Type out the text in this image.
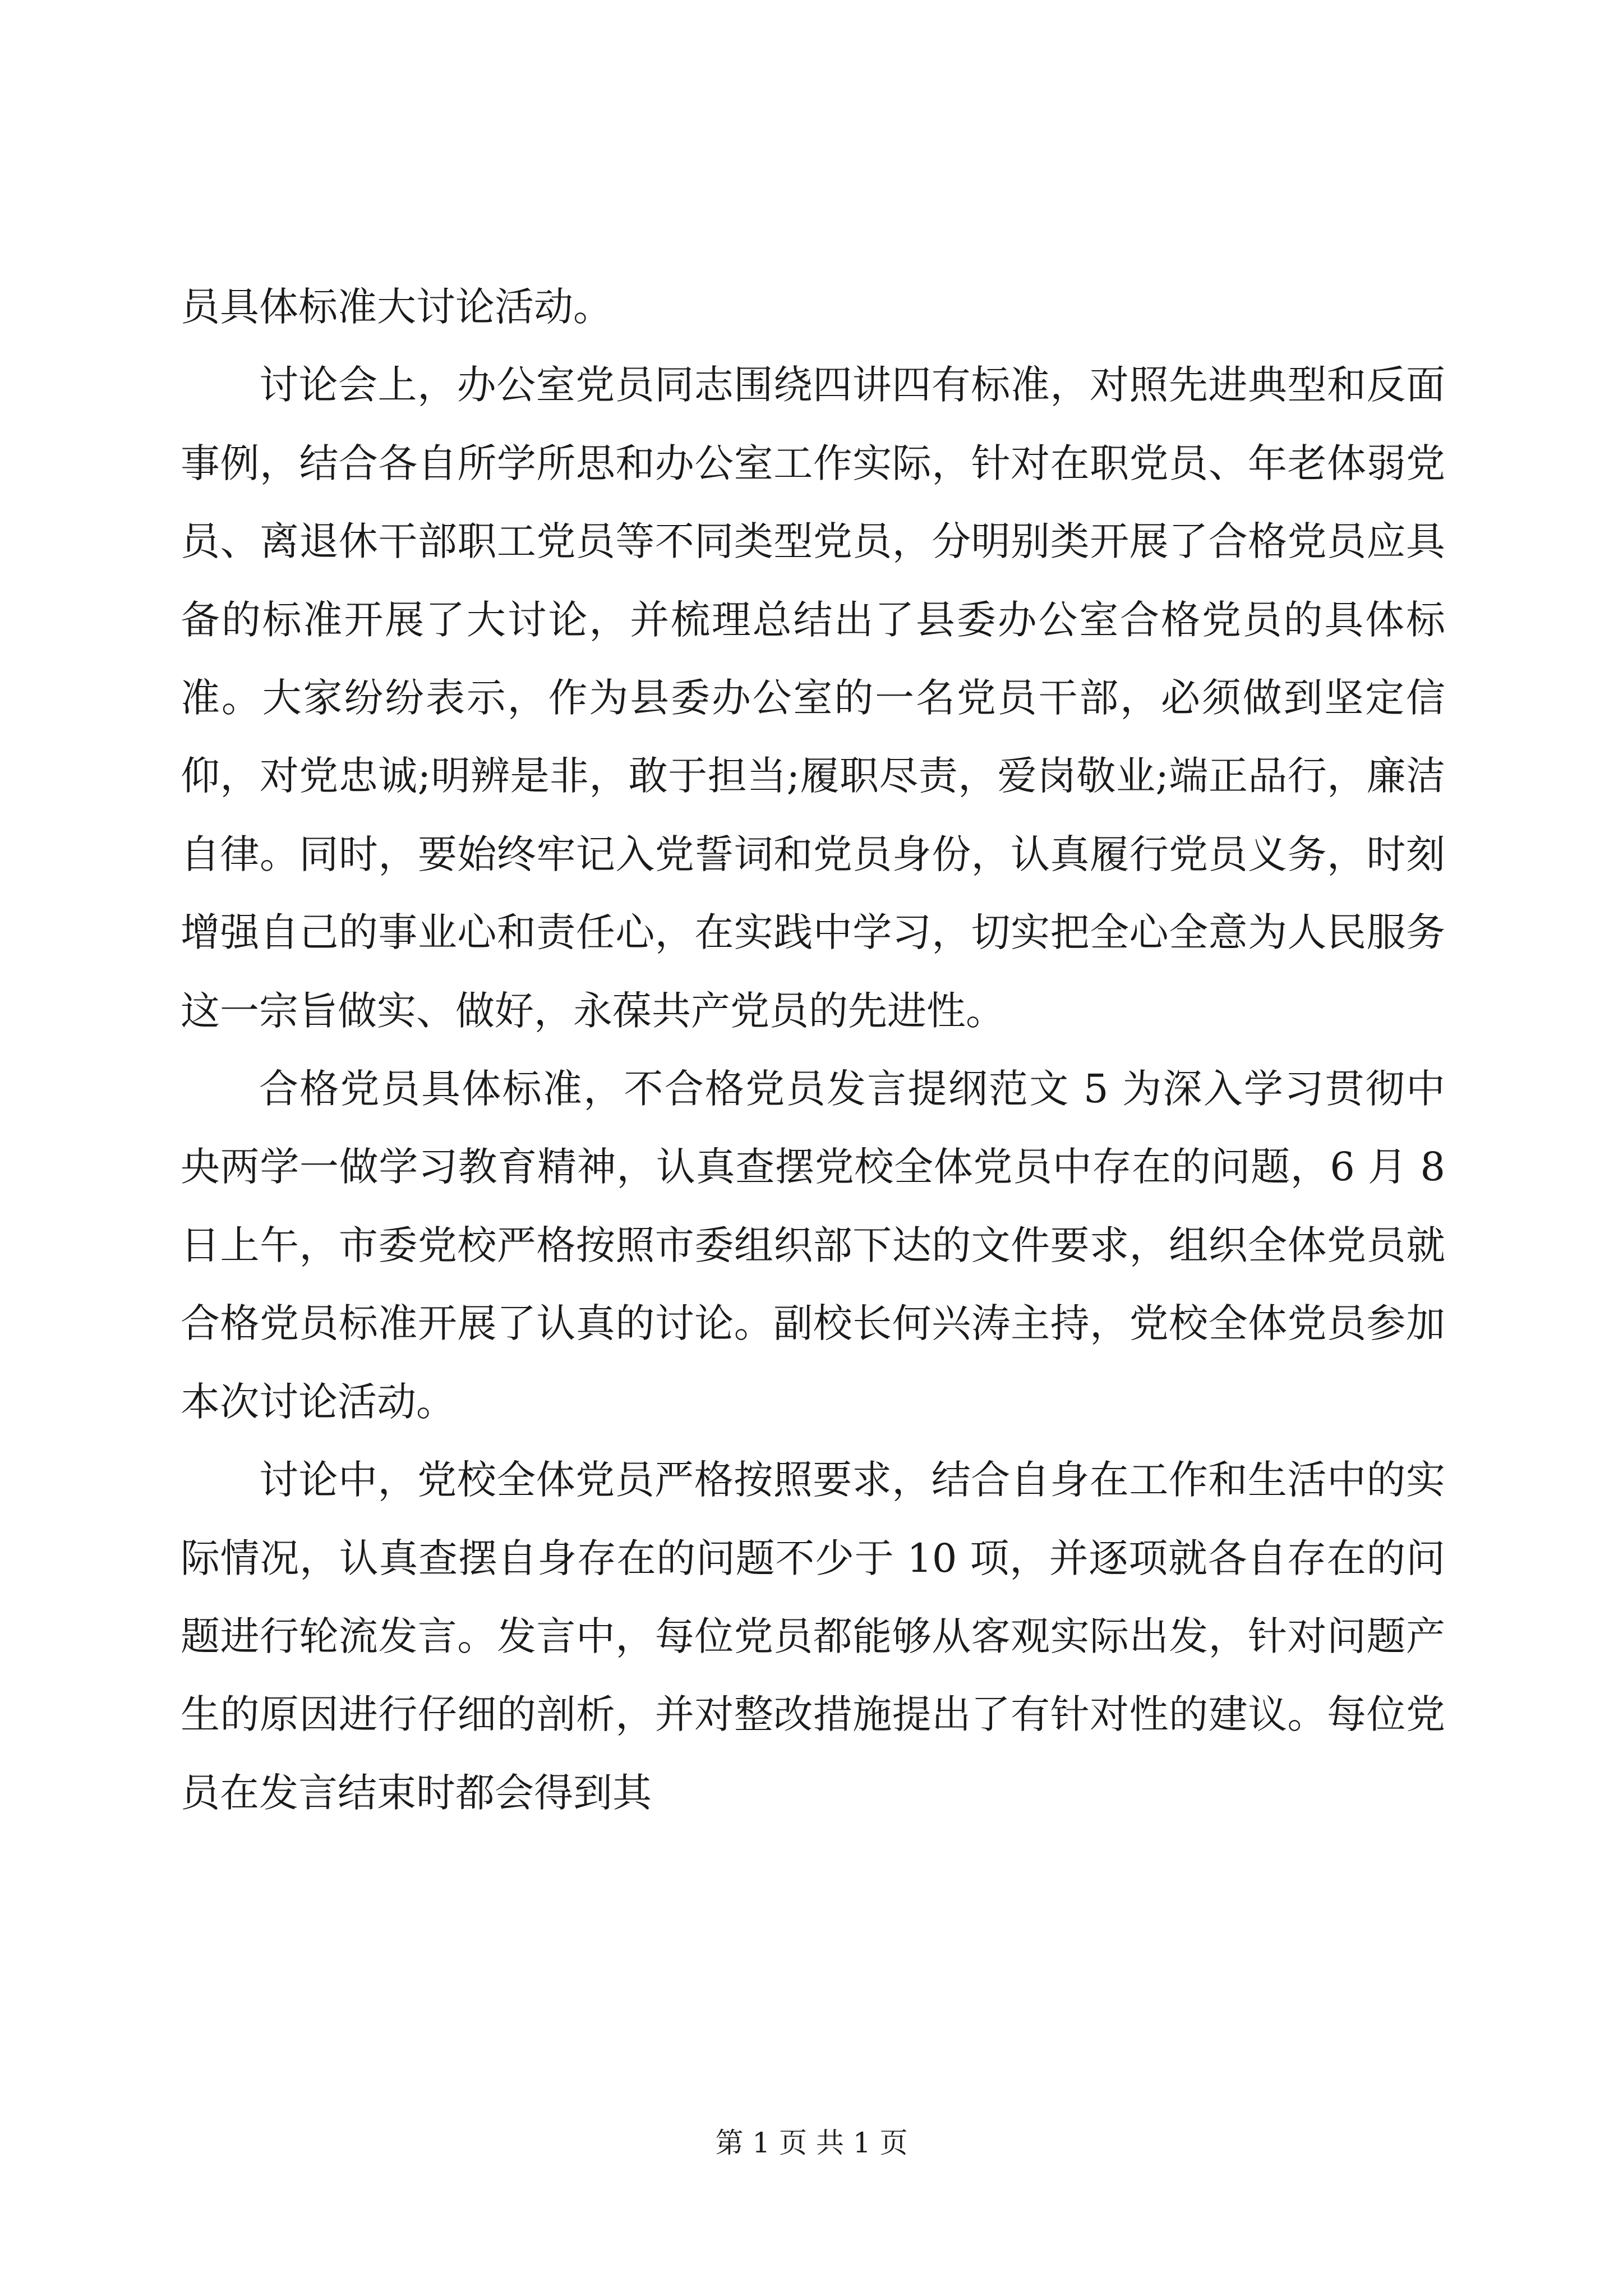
员具体标准大讨论活动。

讨论会上，办公室党员同志围绕四讲四有标准，对照先进典型和反面事例，结合各自所学所思和办公室工作实际，针对在职党员、年老体弱党员、离退休干部职工党员等不同类型党员，分明别类开展了合格党员应具备的标准开展了大讨论，并梳理总结出了县委办公室合格党员的具体标准。大家纷纷表示，作为县委办公室的一名党员干部，必须做到坚定信仰，对党忠诚;明辨是非，敢于担当;履职尽责，爱岗敬业;端正品行，廉洁自律。同时，要始终牢记入党誓词和党员身份，认真履行党员义务，时刻增强自己的事业心和责任心，在实践中学习，切实把全心全意为人民服务这一宗旨做实、做好，永葆共产党员的先进性。

合格党员具体标准，不合格党员发言提纲范文 5 为深入学习贯彻中央两学一做学习教育精神，认真查摆党校全体党员中存在的问题，6 月 8 日上午，市委党校严格按照市委组织部下达的文件要求，组织全体党员就合格党员标准开展了认真的讨论。副校长何兴涛主持，党校全体党员参加本次讨论活动。

讨论中，党校全体党员严格按照要求，结合自身在工作和生活中的实际情况，认真查摆自身存在的问题不少于 10 项，并逐项就各自存在的问题进行轮流发言。发言中，每位党员都能够从客观实际出发，针对问题产生的原因进行仔细的剖析，并对整改措施提出了有针对性的建议。每位党员在发言结束时都会得到其

第 1 页 共 1 页
